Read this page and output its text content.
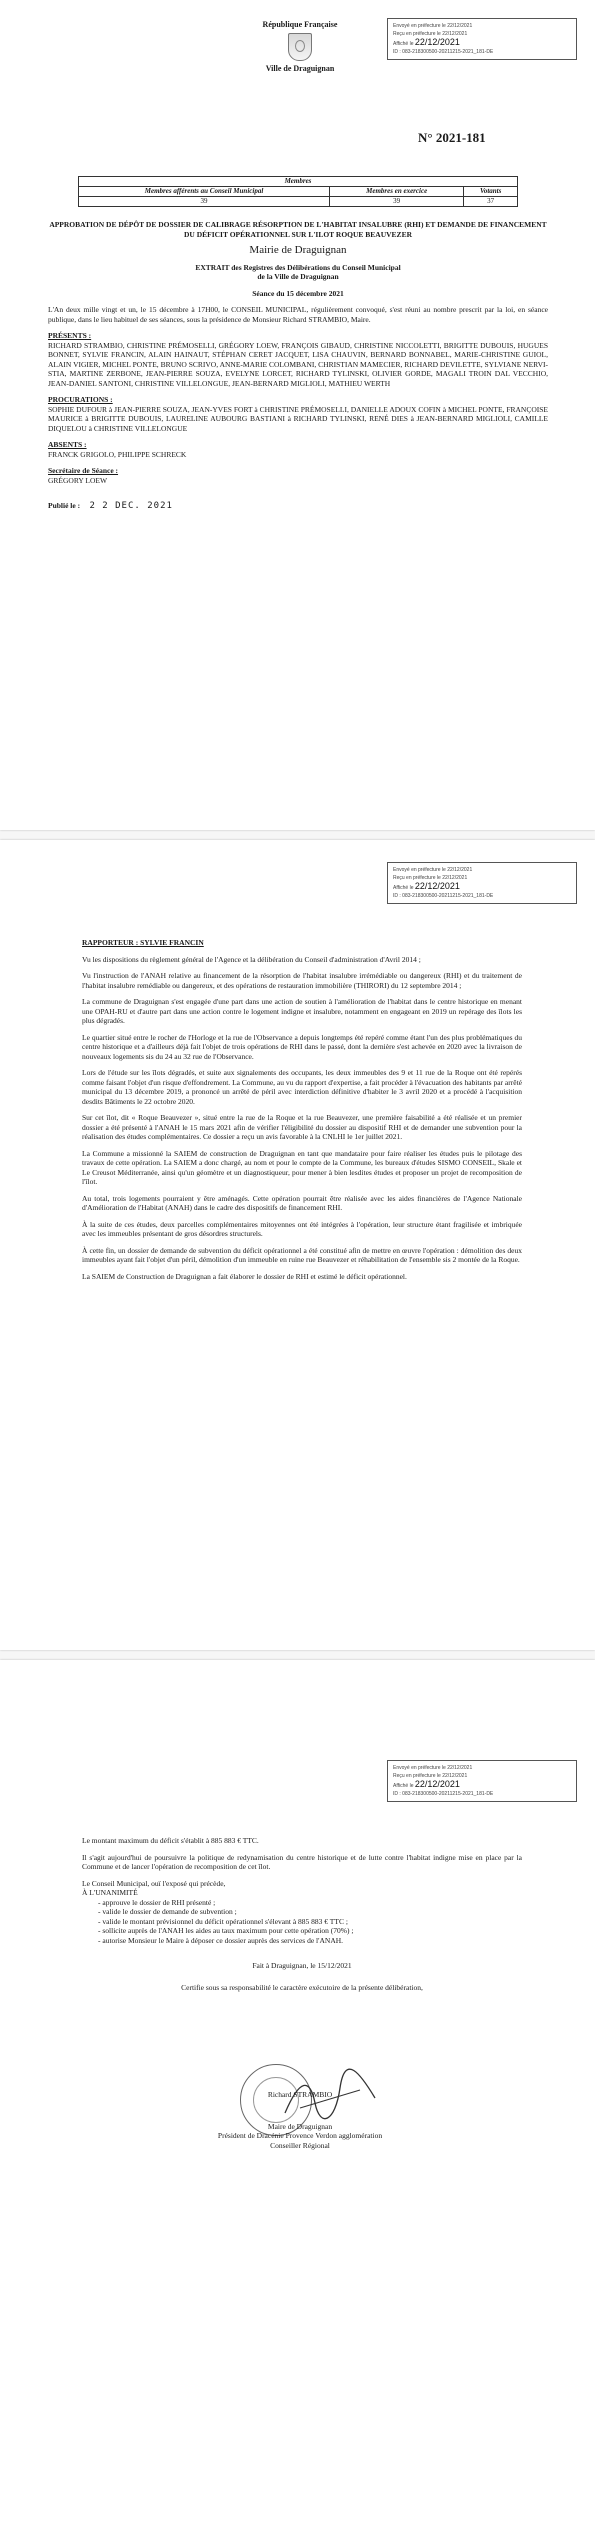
Envoyé en préfecture le 22/12/2021
Reçu en préfecture le 22/12/2021
Affiché le 22/12/2021
ID : 083-218300500-20211215-2021_181-DE
République Française
Ville de Draguignan
N° 2021-181
Membres		
Membres afférents au Conseil Municipal	Membres en exercice	Votants
39	39	37

APPROBATION DE DÉPÔT DE DOSSIER DE CALIBRAGE RÉSORPTION DE L'HABITAT INSALUBRE (RHI) ET DEMANDE DE FINANCEMENT DU DÉFICIT OPÉRATIONNEL SUR L'ILOT ROQUE BEAUVEZER

Mairie de Draguignan

EXTRAIT des Registres des Délibérations du Conseil Municipal

de la Ville de Draguignan

Séance du 15 décembre 2021

L'An deux mille vingt et un, le 15 décembre à 17H00, le CONSEIL MUNICIPAL, régulièrement convoqué, s'est réuni au nombre prescrit par la loi, en séance publique, dans le lieu habituel de ses séances, sous la présidence de Monsieur Richard STRAMBIO, Maire.

PRÉSENTS :

RICHARD STRAMBIO, CHRISTINE PRÉMOSELLI, GRÉGORY LOEW, FRANÇOIS GIBAUD, CHRISTINE NICCOLETTI, BRIGITTE DUBOUIS, HUGUES BONNET, SYLVIE FRANCIN, ALAIN HAINAUT, STÉPHAN CERET JACQUET, LISA CHAUVIN, BERNARD BONNABEL, MARIE-CHRISTINE GUIOL, ALAIN VIGIER, MICHEL PONTE, BRUNO SCRIVO, ANNE-MARIE COLOMBANI, CHRISTIAN MAMECIER, RICHARD DEVILETTE, SYLVIANE NERVI-STIA, MARTINE ZERBONE, JEAN-PIERRE SOUZA, EVELYNE LORCET, RICHARD TYLINSKI, OLIVIER GORDE, MAGALI TROIN DAL VECCHIO, JEAN-DANIEL SANTONI, CHRISTINE VILLELONGUE, JEAN-BERNARD MIGLIOLI, MATHIEU WERTH

PROCURATIONS :

SOPHIE DUFOUR à JEAN-PIERRE SOUZA, JEAN-YVES FORT à CHRISTINE PRÉMOSELLI, DANIELLE ADOUX COFIN à MICHEL PONTE, FRANÇOISE MAURICE à BRIGITTE DUBOUIS, LAURELINE AUBOURG BASTIANI à RICHARD TYLINSKI, RENÉ DIES à JEAN-BERNARD MIGLIOLI, CAMILLE DIQUELOU à CHRISTINE VILLELONGUE

ABSENTS :

FRANCK GRIGOLO, PHILIPPE SCHRECK

Secrétaire de Séance :

GRÉGORY LOEW

Publié le : 2 2 DEC. 2021

Envoyé en préfecture le 22/12/2021
Reçu en préfecture le 22/12/2021
Affiché le 22/12/2021
ID : 083-218300500-20211215-2021_181-DE

RAPPORTEUR : SYLVIE FRANCIN

Vu les dispositions du règlement général de l'Agence et la délibération du Conseil d'administration d'Avril 2014 ;

Vu l'instruction de l'ANAH relative au financement de la résorption de l'habitat insalubre irrémédiable ou dangereux (RHI) et du traitement de l'habitat insalubre remédiable ou dangereux, et des opérations de restauration immobilière (THIRORI) du 12 septembre 2014 ;

La commune de Draguignan s'est engagée d'une part dans une action de soutien à l'amélioration de l'habitat dans le centre historique en menant une OPAH-RU et d'autre part dans une action contre le logement indigne et insalubre, notamment en engageant en 2019 un repérage des îlots les plus dégradés.

Le quartier situé entre le rocher de l'Horloge et la rue de l'Observance a depuis longtemps été repéré comme étant l'un des plus problématiques du centre historique et a d'ailleurs déjà fait l'objet de trois opérations de RHI dans le passé, dont la dernière s'est achevée en 2020 avec la livraison de nouveaux logements sis du 24 au 32 rue de l'Observance.

Lors de l'étude sur les îlots dégradés, et suite aux signalements des occupants, les deux immeubles des 9 et 11 rue de la Roque ont été repérés comme faisant l'objet d'un risque d'effondrement. La Commune, au vu du rapport d'expertise, a fait procéder à l'évacuation des habitants par arrêté municipal du 13 décembre 2019, a prononcé un arrêté de péril avec interdiction définitive d'habiter le 3 avril 2020 et a procédé à l'acquisition desdits Bâtiments le 22 octobre 2020.

Sur cet îlot, dit « Roque Beauvezer », situé entre la rue de la Roque et la rue Beauvezer, une première faisabilité a été réalisée et un premier dossier a été présenté à l'ANAH le 15 mars 2021 afin de vérifier l'éligibilité du dossier au dispositif RHI et de demander une subvention pour la réalisation des études complémentaires. Ce dossier a reçu un avis favorable à la CNLHI le 1er juillet 2021.

La Commune a missionné la SAIEM de construction de Draguignan en tant que mandataire pour faire réaliser les études puis le pilotage des travaux de cette opération. La SAIEM a donc chargé, au nom et pour le compte de la Commune, les bureaux d'études SISMO CONSEIL, Skale et Le Creusot Méditerranée, ainsi qu'un géomètre et un diagnostiqueur, pour mener à bien lesdites études et proposer un projet de recomposition de l'îlot.

Au total, trois logements pourraient y être aménagés. Cette opération pourrait être réalisée avec les aides financières de l'Agence Nationale d'Amélioration de l'Habitat (ANAH) dans le cadre des dispositifs de financement RHI.

À la suite de ces études, deux parcelles complémentaires mitoyennes ont été intégrées à l'opération, leur structure étant fragilisée et imbriquée avec les immeubles présentant de gros désordres structurels.

À cette fin, un dossier de demande de subvention du déficit opérationnel a été constitué afin de mettre en œuvre l'opération : démolition des deux immeubles ayant fait l'objet d'un péril, démolition d'un immeuble en ruine rue Beauvezer et réhabilitation de l'ensemble sis 2 montée de la Roque.

La SAIEM de Construction de Draguignan a fait élaborer le dossier de RHI et estimé le déficit opérationnel.

Envoyé en préfecture le 22/12/2021
Reçu en préfecture le 22/12/2021
Affiché le 22/12/2021
ID : 083-218300500-20211215-2021_181-DE

Le montant maximum du déficit s'établit à 885 883 € TTC.

Il s'agit aujourd'hui de poursuivre la politique de redynamisation du centre historique et de lutte contre l'habitat indigne mise en place par la Commune et de lancer l'opération de recomposition de cet îlot.

Le Conseil Municipal, ouï l'exposé qui précède,
À L'UNANIMITÉ
- approuve le dossier de RHI présenté ;
- valide le dossier de demande de subvention ;
- valide le montant prévisionnel du déficit opérationnel s'élevant à 885 883 € TTC ;
- sollicite auprès de l'ANAH les aides au taux maximum pour cette opération (70%) ;
- autorise Monsieur le Maire à déposer ce dossier auprès des services de l'ANAH.

Fait à Draguignan, le 15/12/2021

Certifie sous sa responsabilité le caractère exécutoire de la présente délibération,

Richard STRAMBIO
Maire de Draguignan
Président de Dracénie Provence Verdon agglomération
Conseiller Régional
